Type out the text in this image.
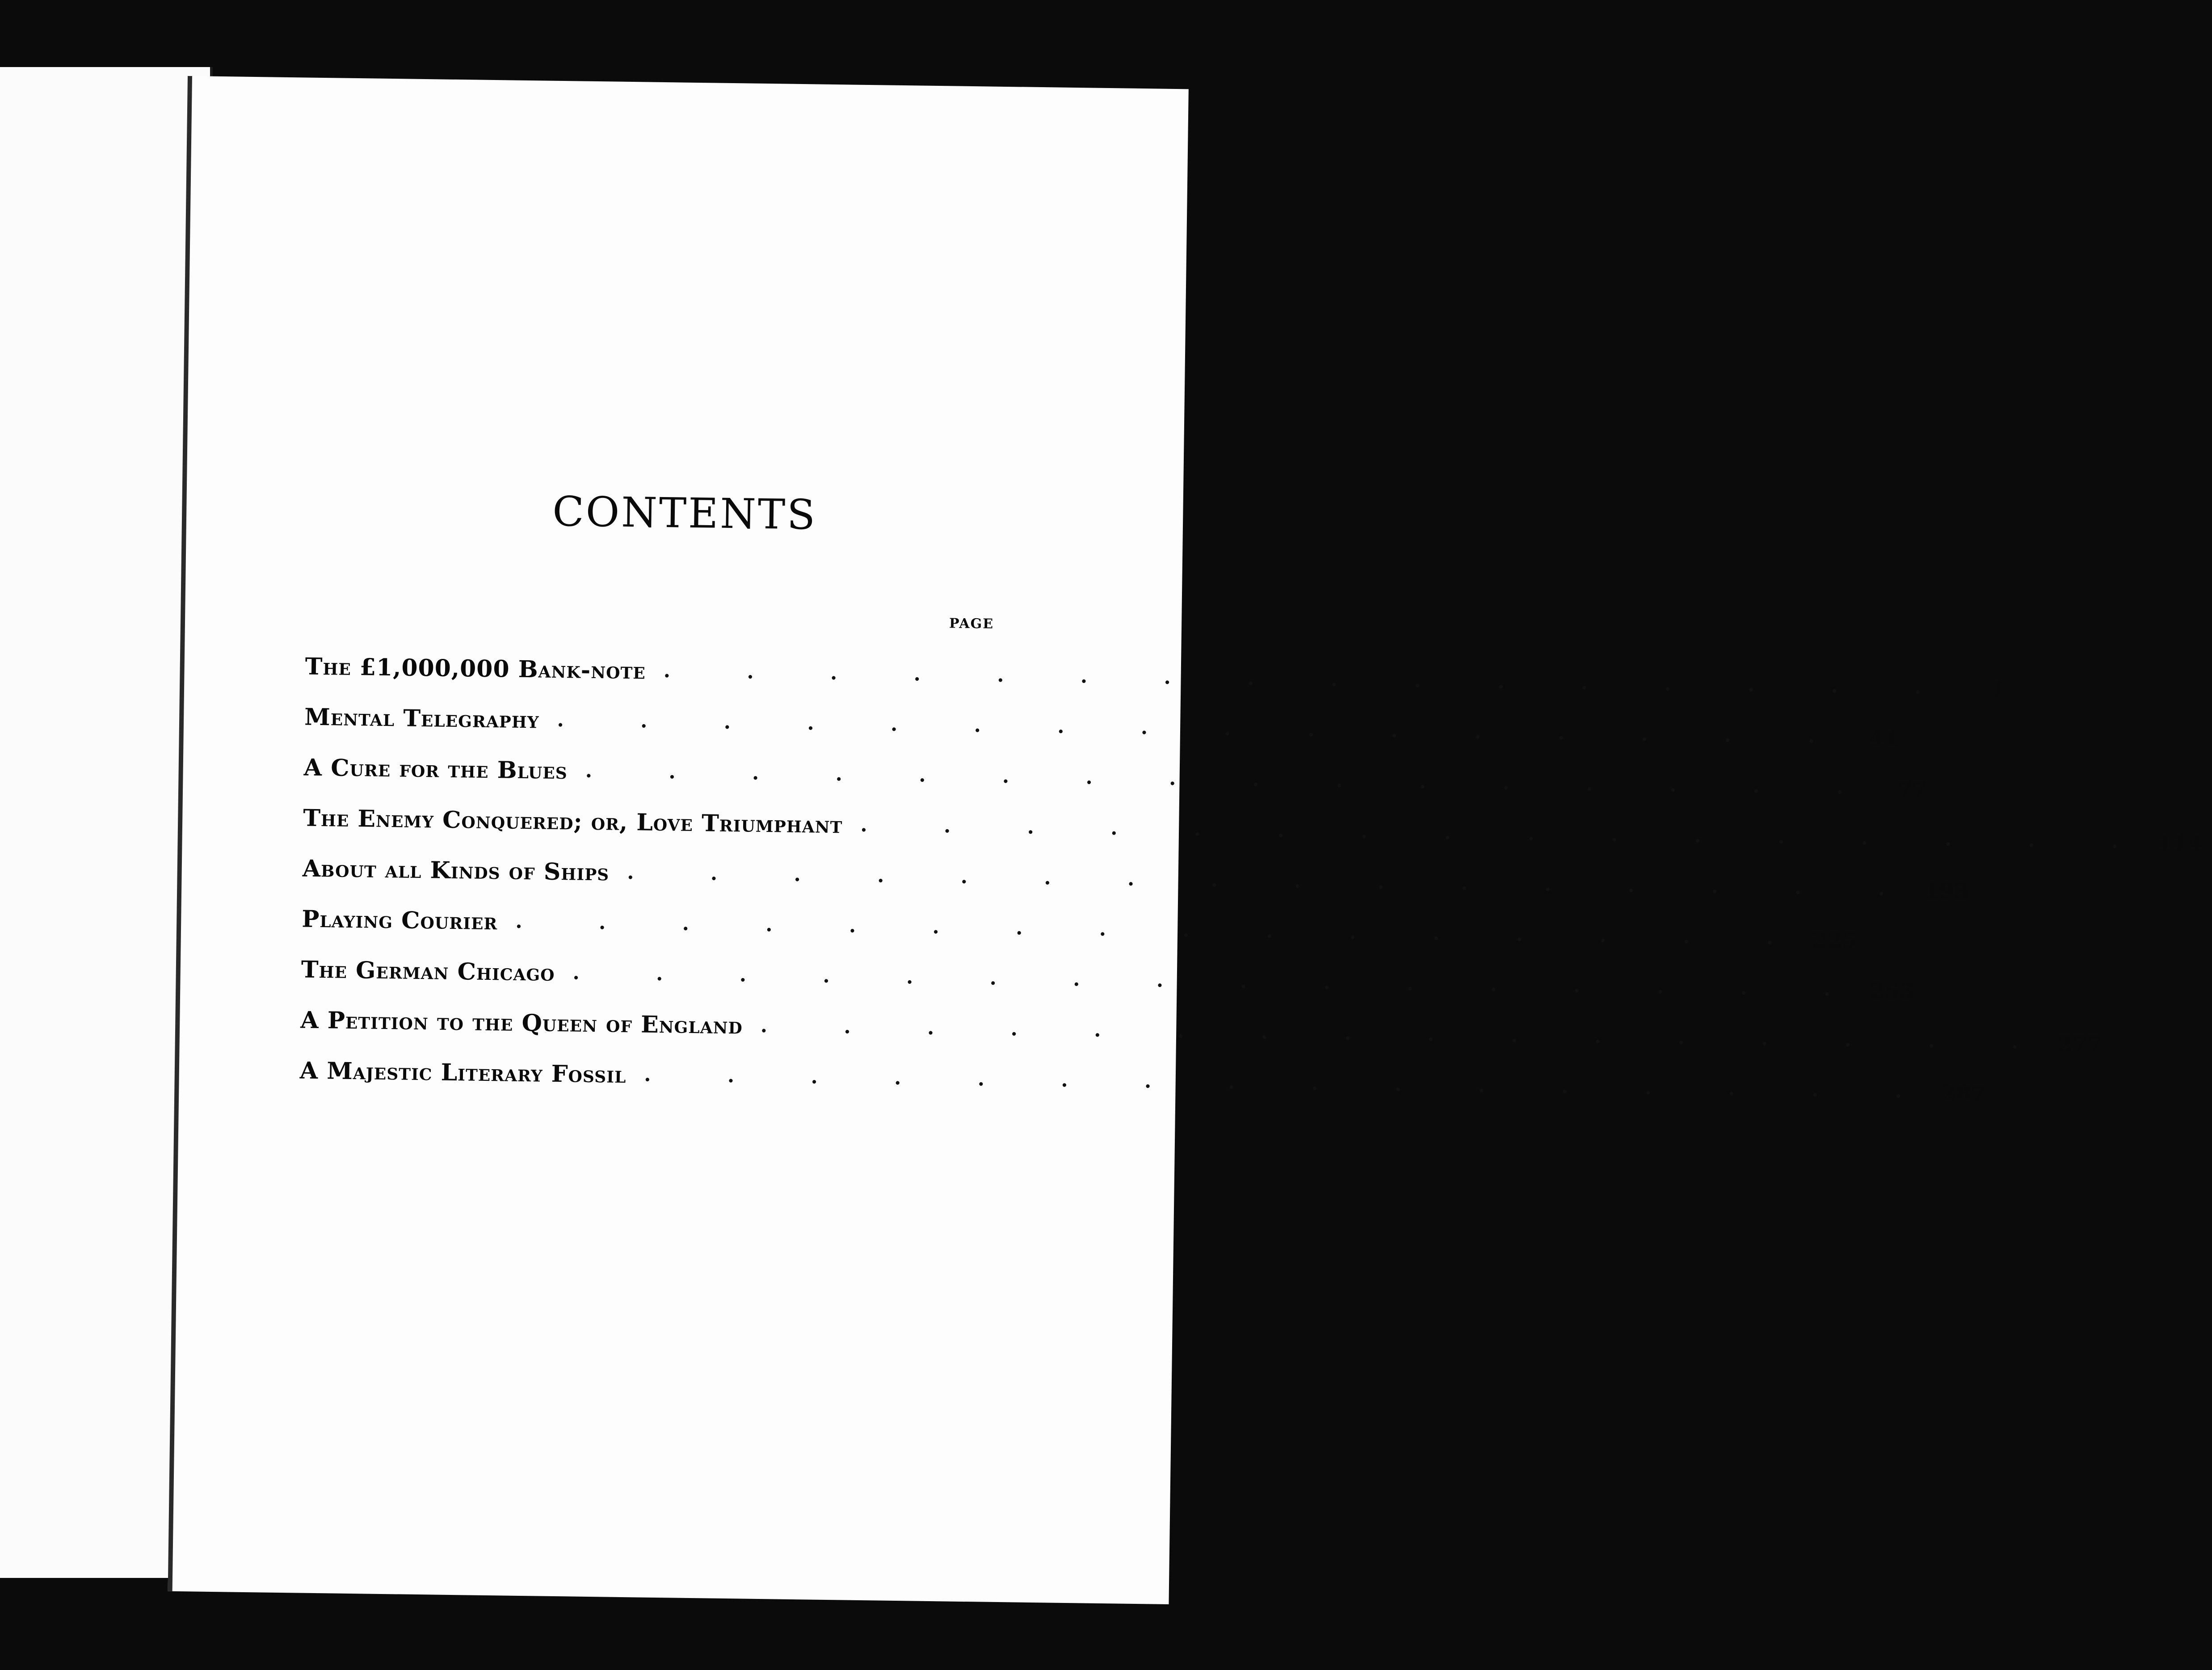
CONTENTS
PAGE
The £1,000,000 Bank-note . . . . . . . . . . . . . . . .	1
Mental Telegraphy . . . . . . . . . . . . . . . . 41
A Cure for the Blues . . . . . . . . . . . . . . . . 77
The Enemy Conquered; or, Love Triumphant . . . . . . . . . . . . . . . . 114
About all Kinds of Ships . . . . . . . . . . . . . . . . 193
Playing Courier . . . . . . . . . . . . . . . . 225
The German Chicago . . . . . . . . . . . . . . . . 253
A Petition to the Queen of England . . . . . . . . . . . . . . . . 277
A Majestic Literary Fossil . . . . . . . . . . . . . . . . 287
